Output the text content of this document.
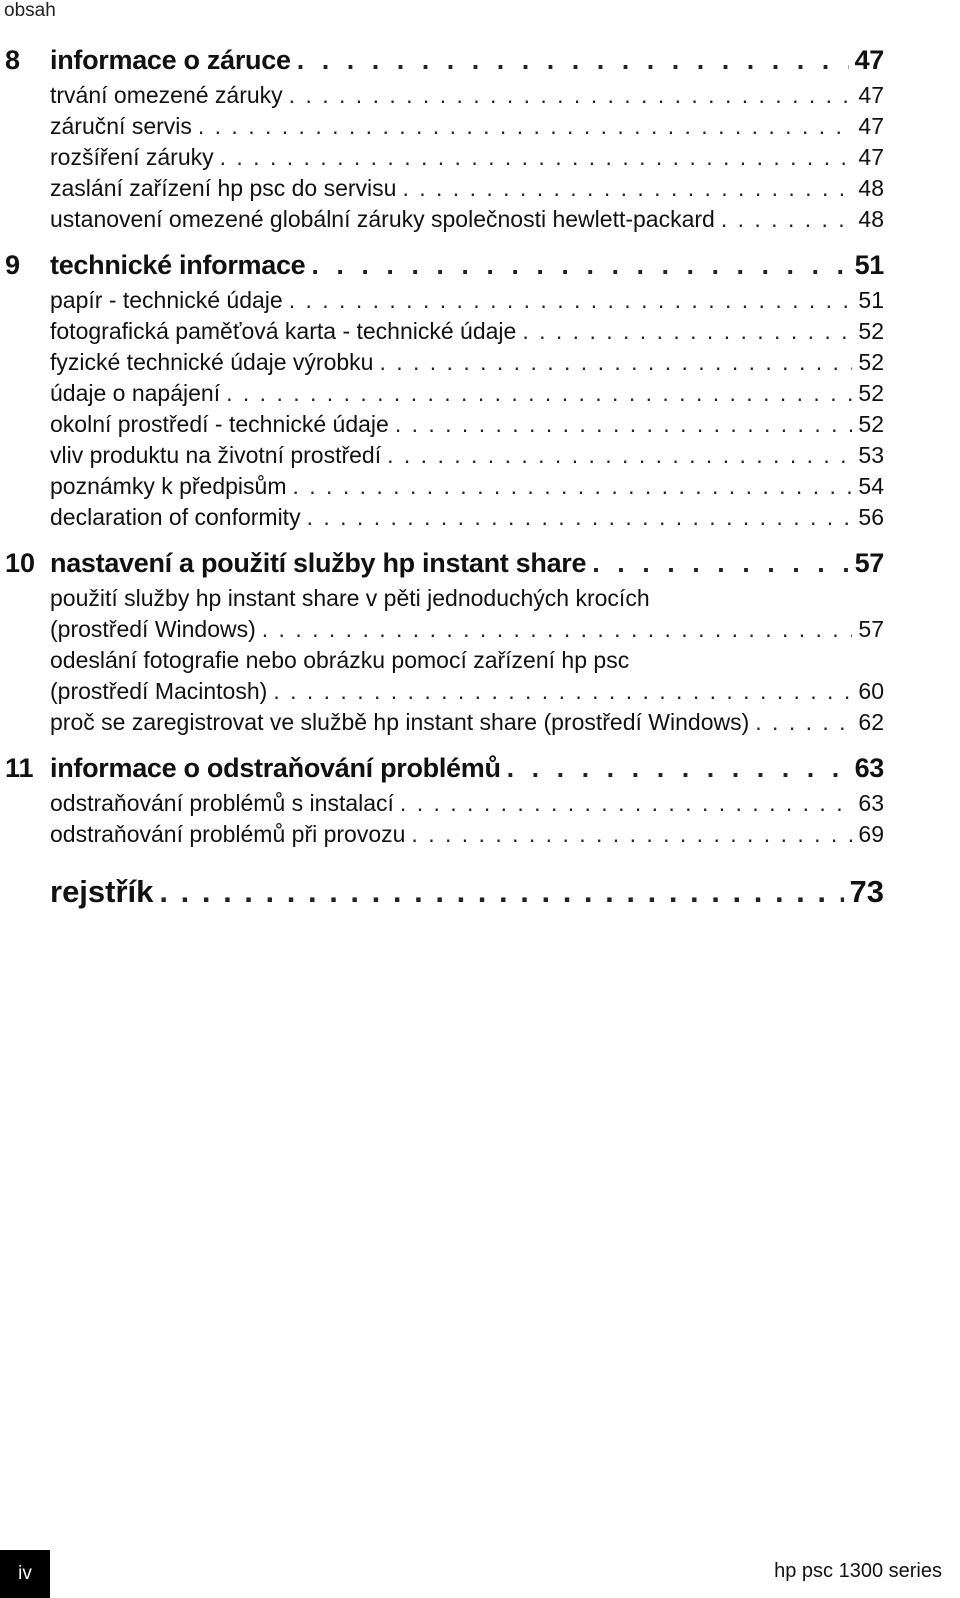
obsah
8 informace o záruce . . .	47
trvání omezené záruky . . .	47
záruční servis . . .	47
rozšíření záruky . . .	47
zaslání zařízení hp psc do servisu . . .	48
ustanovení omezené globální záruky společnosti hewlett-packard . . .	48
9 technické informace . . .	51
papír - technické údaje . . .	51
fotografická paměťová karta - technické údaje . . .	52
fyzické technické údaje výrobku . . .	52
údaje o napájení . . .	52
okolní prostředí - technické údaje . . .	52
vliv produktu na životní prostředí . . .	53
poznámky k předpisům . . .	54
declaration of conformity . . .	56
10 nastavení a použití služby hp instant share . . .	57
použití služby hp instant share v pěti jednoduchých krocích
(prostředí Windows) . . .	57
odeslání fotografie nebo obrázku pomocí zařízení hp psc
(prostředí Macintosh) . . .	60
proč se zaregistrovat ve službě hp instant share (prostředí Windows) . . .	62
11 informace o odstraňování problémů . . .	63
odstraňování problémů s instalací . . .	63
odstraňování problémů při provozu . . .	69
rejstřík . . .	73
iv	hp psc 1300 series
